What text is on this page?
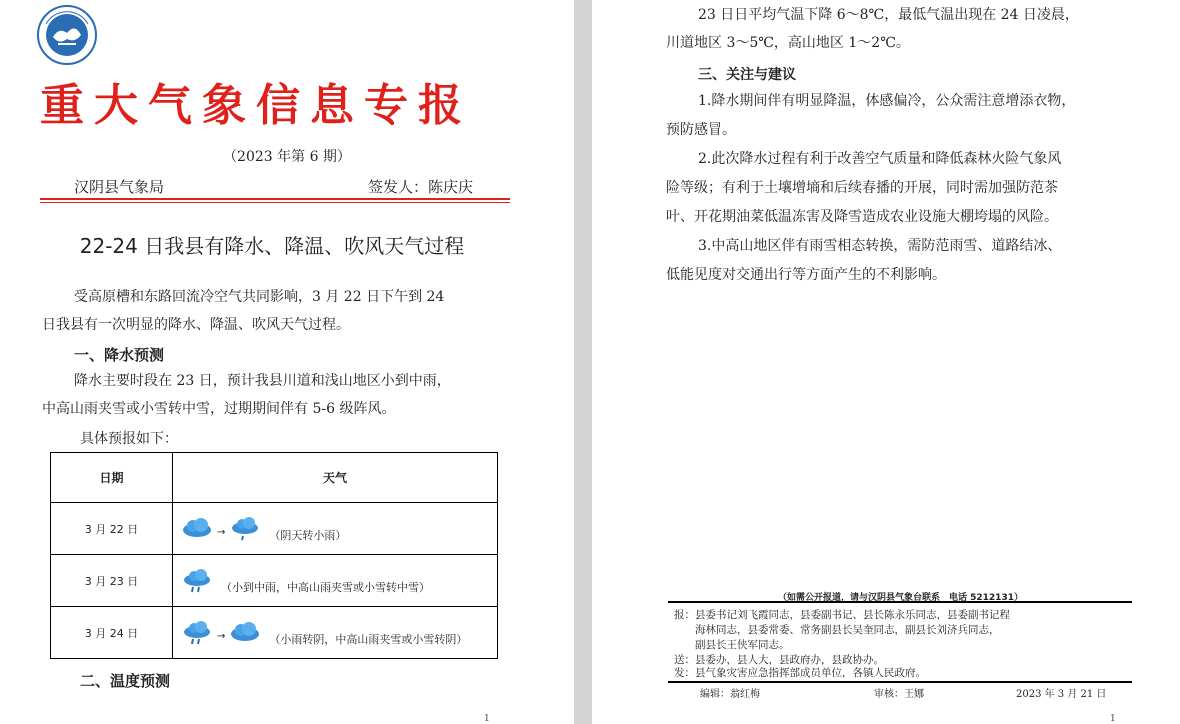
重大气象信息专报
（2023 年第 6 期）
汉阴县气象局	签发人：陈庆庆
22-24 日我县有降水、降温、吹风天气过程
受高原槽和东路回流冷空气共同影响，3 月 22 日下午到 24
日我县有一次明显的降水、降温、吹风天气过程。
一、降水预测
降水主要时段在 23 日，预计我县川道和浅山地区小到中雨，
中高山雨夹雪或小雪转中雪，过期期间伴有 5-6 级阵风。
具体预报如下：
日期	天气
3 月 22 日	→ （阴天转小雨）

3 月 23 日	（小到中雨，中高山雨夹雪或小雪转中雪）

3 月 24 日	→ （小雨转阴，中高山雨夹雪或小雪转阴）
二、温度预测
1
23 日日平均气温下降 6～8℃，最低气温出现在 24 日凌晨，
川道地区 3～5℃，高山地区 1～2℃。
三、关注与建议
1.降水期间伴有明显降温，体感偏冷，公众需注意增添衣物，
预防感冒。
2.此次降水过程有利于改善空气质量和降低森林火险气象风
险等级；有利于土壤增墒和后续春播的开展，同时需加强防范茶
叶、开花期油菜低温冻害及降雪造成农业设施大棚垮塌的风险。
3.中高山地区伴有雨雪相态转换，需防范雨雪、道路结冰、
低能见度对交通出行等方面产生的不利影响。
（如需公开报道，请与汉阴县气象台联系　电话 5212131）
报：县委书记刘飞霞同志，县委副书记、县长陈永乐同志，县委副书记程
　　海林同志，县委常委、常务副县长吴奎同志，副县长刘济兵同志，
　　副县长王侠军同志。
送：县委办，县人大，县政府办，县政协办。
发：县气象灾害应急指挥部成员单位，各镇人民政府。
编辑：翁红梅	审核：王娜	2023 年 3 月 21 日
1
